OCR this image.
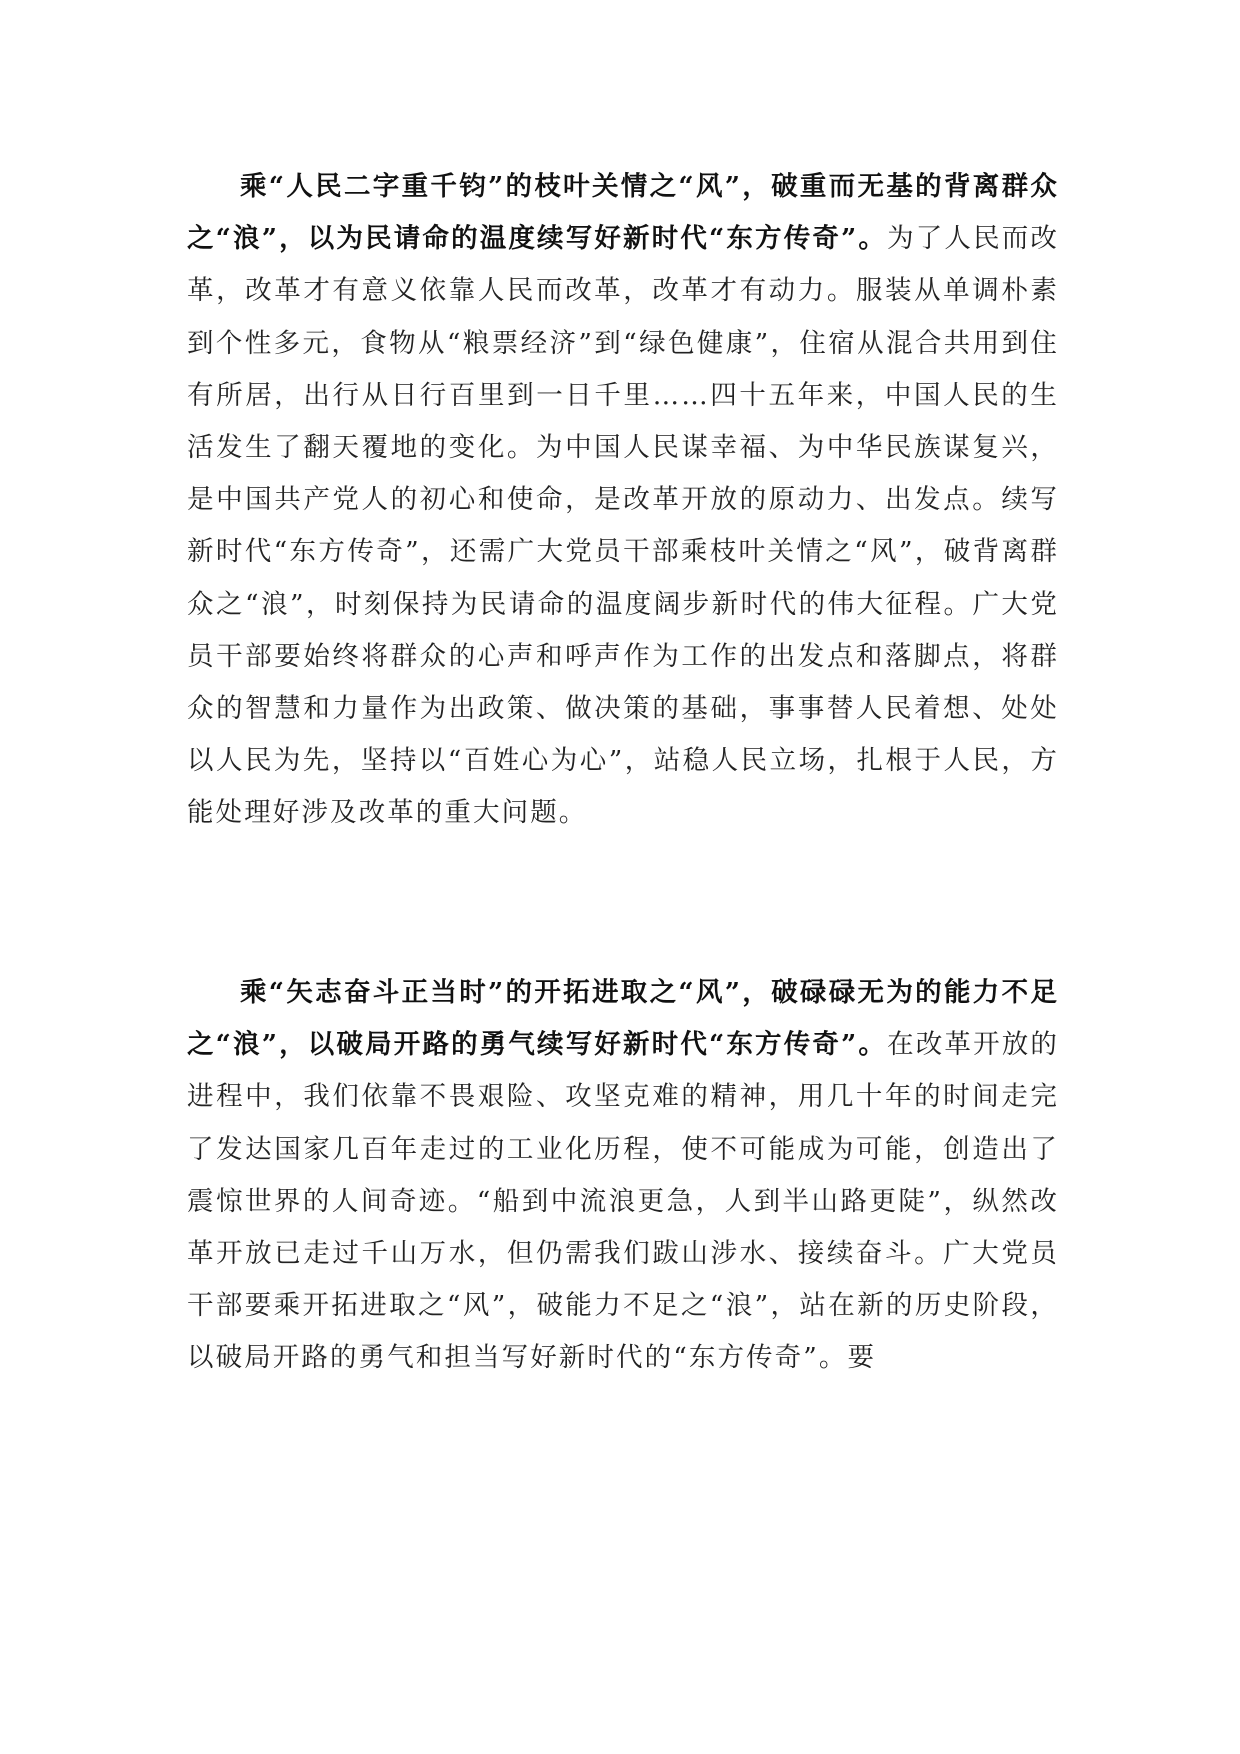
乘“人民二字重千钧”的枝叶关情之“风”，破重而无基的背离群众之“浪”，以为民请命的温度续写好新时代“东方传奇”。为了人民而改革，改革才有意义依靠人民而改革，改革才有动力。服装从单调朴素到个性多元，食物从“粮票经济”到“绿色健康”，住宿从混合共用到住有所居，出行从日行百里到一日千里……四十五年来，中国人民的生活发生了翻天覆地的变化。为中国人民谋幸福、为中华民族谋复兴，是中国共产党人的初心和使命，是改革开放的原动力、出发点。续写新时代“东方传奇”，还需广大党员干部乘枝叶关情之“风”，破背离群众之“浪”，时刻保持为民请命的温度阔步新时代的伟大征程。广大党员干部要始终将群众的心声和呼声作为工作的出发点和落脚点，将群众的智慧和力量作为出政策、做决策的基础，事事替人民着想、处处以人民为先，坚持以“百姓心为心”，站稳人民立场，扎根于人民，方能处理好涉及改革的重大问题。

乘“矢志奋斗正当时”的开拓进取之“风”，破碌碌无为的能力不足之“浪”，以破局开路的勇气续写好新时代“东方传奇”。在改革开放的进程中，我们依靠不畏艰险、攻坚克难的精神，用几十年的时间走完了发达国家几百年走过的工业化历程，使不可能成为可能，创造出了震惊世界的人间奇迹。“船到中流浪更急，人到半山路更陡”，纵然改革开放已走过千山万水，但仍需我们跋山涉水、接续奋斗。广大党员干部要乘开拓进取之“风”，破能力不足之“浪”，站在新的历史阶段，以破局开路的勇气和担当写好新时代的“东方传奇”。要
